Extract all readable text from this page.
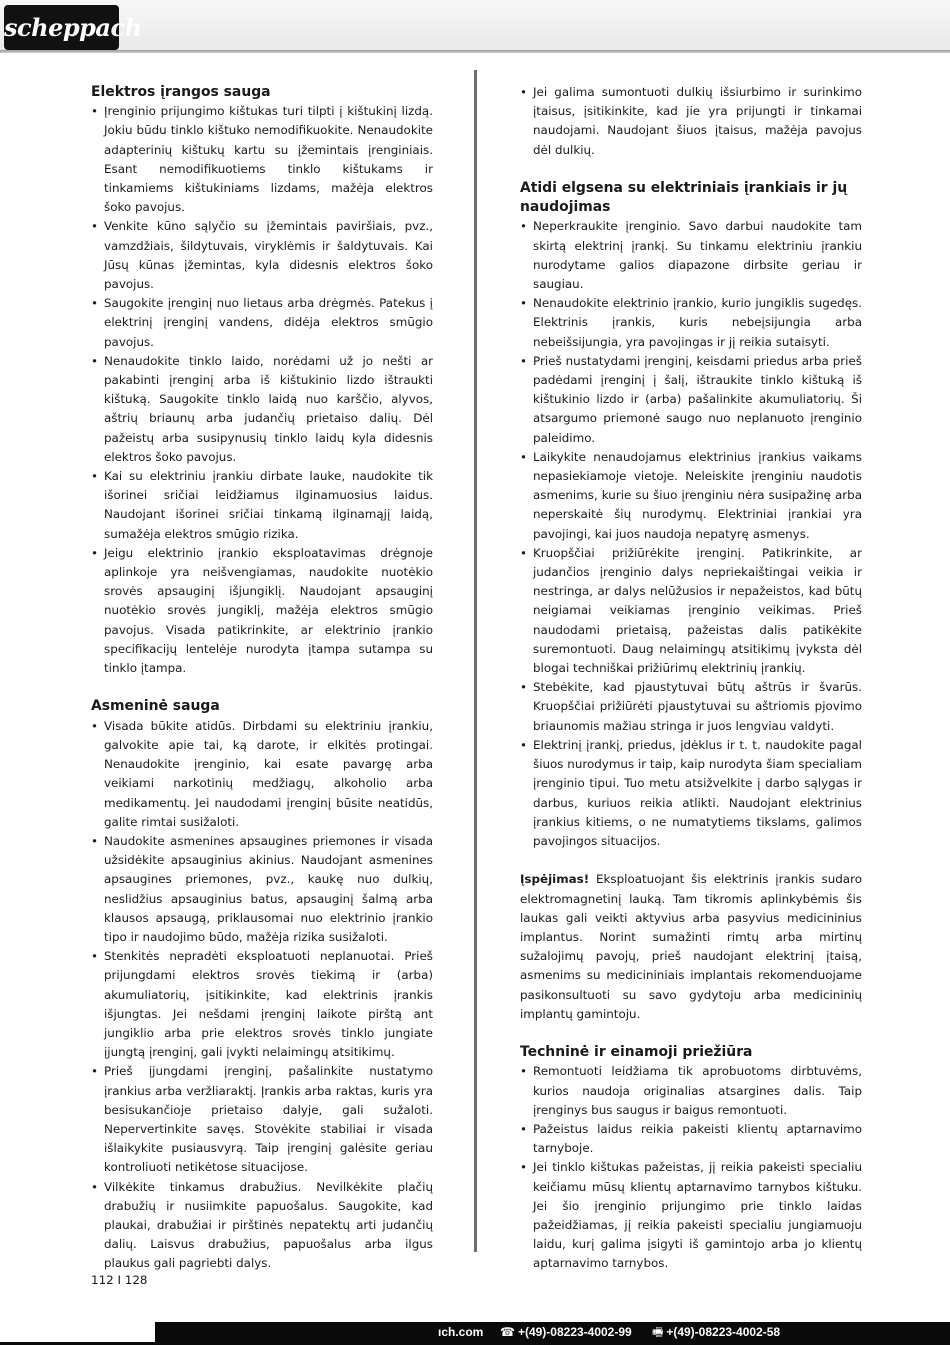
scheppach
Elektros įrangos sauga
• Įrenginio prijungimo kištukas turi tilpti į kištukinį lizdą. Jokiu būdu tinklo kištuko nemodifikuokite. Nenaudokite adapterinių kištukų kartu su įžemintais įrenginiais. Esant nemodifikuotiems tinklo kištukams ir tinkamiems kištukiniams lizdams, mažėja elektros šoko pavojus.
• Venkite kūno sąlyčio su įžemintais paviršiais, pvz., vamzdžiais, šildytuvais, viryklėmis ir šaldytuvais. Kai Jūsų kūnas įžemintas, kyla didesnis elektros šoko pavojus.
• Saugokite įrenginį nuo lietaus arba drėgmės. Patekus į elektrinį įrenginį vandens, didėja elektros smūgio pavojus.
• Nenaudokite tinklo laido, norėdami už jo nešti ar pakabinti įrenginį arba iš kištukinio lizdo ištraukti kištuką. Saugokite tinklo laidą nuo karščio, alyvos, aštrių briaunų arba judančių prietaiso dalių. Dėl pažeistų arba susipynusių tinklo laidų kyla didesnis elektros šoko pavojus.
• Kai su elektriniu įrankiu dirbate lauke, naudokite tik išorinei sričiai leidžiamus ilginamuosius laidus. Naudojant išorinei sričiai tinkamą ilginamąjį laidą, sumažėja elektros smūgio rizika.
• Jeigu elektrinio įrankio eksploatavimas drėgnoje aplinkoje yra neišvengiamas, naudokite nuotėkio srovės apsauginį išjungiklį. Naudojant apsauginį nuotėkio srovės jungiklį, mažėja elektros smūgio pavojus. Visada patikrinkite, ar elektrinio įrankio specifikacijų lentelėje nurodyta įtampa sutampa su tinklo įtampa.
Asmeninė sauga
• Visada būkite atidūs. Dirbdami su elektriniu įrankiu, galvokite apie tai, ką darote, ir elkitės protingai. Nenaudokite įrenginio, kai esate pavargę arba veikiami narkotinių medžiagų, alkoholio arba medikamentų. Jei naudodami įrenginį būsite neatidūs, galite rimtai susižaloti.
• Naudokite asmenines apsaugines priemones ir visada užsidėkite apsauginius akinius. Naudojant asmenines apsaugines priemones, pvz., kaukę nuo dulkių, neslidžius apsauginius batus, apsauginį šalmą arba klausos apsaugą, priklausomai nuo elektrinio įrankio tipo ir naudojimo būdo, mažėja rizika susižaloti.
• Stenkitės nepradėti eksploatuoti neplanuotai. Prieš prijungdami elektros srovės tiekimą ir (arba) akumuliatorių, įsitikinkite, kad elektrinis įrankis išjungtas. Jei nešdami įrenginį laikote pirštą ant jungiklio arba prie elektros srovės tinklo jungiate įjungtą įrenginį, gali įvykti nelaimingų atsitikimų.
• Prieš įjungdami įrenginį, pašalinkite nustatymo įrankius arba veržliaraktį. Įrankis arba raktas, kuris yra besisukančioje prietaiso dalyje, gali sužaloti. Nepervertinkite savęs. Stovėkite stabiliai ir visada išlaikykite pusiausvyrą. Taip įrenginį galėsite geriau kontroliuoti netikėtose situacijose.
• Vilkėkite tinkamus drabužius. Nevilkėkite plačių drabužių ir nusiimkite papuošalus. Saugokite, kad plaukai, drabužiai ir pirštinės nepatektų arti judančių dalių. Laisvus drabužius, papuošalus arba ilgus plaukus gali pagriebti dalys.
• Jei galima sumontuoti dulkių išsiurbimo ir surinkimo įtaisus, įsitikinkite, kad jie yra prijungti ir tinkamai naudojami. Naudojant šiuos įtaisus, mažėja pavojus dėl dulkių.
Atidi elgsena su elektriniais įrankiais ir jų naudojimas
• Neperkraukite įrenginio. Savo darbui naudokite tam skirtą elektrinį įrankį. Su tinkamu elektriniu įrankiu nurodytame galios diapazone dirbsite geriau ir saugiau.
• Nenaudokite elektrinio įrankio, kurio jungiklis sugedęs. Elektrinis įrankis, kuris nebeįsijungia arba nebeišsijungia, yra pavojingas ir jį reikia sutaisyti.
• Prieš nustatydami įrenginį, keisdami priedus arba prieš padėdami įrenginį į šalį, ištraukite tinklo kištuką iš kištukinio lizdo ir (arba) pašalinkite akumuliatorių. Ši atsargumo priemonė saugo nuo neplanuoto įrenginio paleidimo.
• Laikykite nenaudojamus elektrinius įrankius vaikams nepasiekiamoje vietoje. Neleiskite įrenginiu naudotis asmenims, kurie su šiuo įrenginiu nėra susipažinę arba neperskaitė šių nurodymų. Elektriniai įrankiai yra pavojingi, kai juos naudoja nepatyrę asmenys.
• Kruopščiai prižiūrėkite įrenginį. Patikrinkite, ar judančios įrenginio dalys nepriekaištingai veikia ir nestringa, ar dalys nelūžusios ir nepažeistos, kad būtų neigiamai veikiamas įrenginio veikimas. Prieš naudodami prietaisą, pažeistas dalis patikėkite suremontuoti. Daug nelaimingų atsitikimų įvyksta dėl blogai techniškai prižiūrimų elektrinių įrankių.
• Stebėkite, kad pjaustytuvai būtų aštrūs ir švarūs. Kruopščiai prižiūrėti pjaustytuvai su aštriomis pjovimo briaunomis mažiau stringa ir juos lengviau valdyti.
• Elektrinį įrankį, priedus, įdėklus ir t. t. naudokite pagal šiuos nurodymus ir taip, kaip nurodyta šiam specialiam įrenginio tipui. Tuo metu atsižvelkite į darbo sąlygas ir darbus, kuriuos reikia atlikti. Naudojant elektrinius įrankius kitiems, o ne numatytiems tikslams, galimos pavojingos situacijos.

Įspėjimas! Eksploatuojant šis elektrinis įrankis sudaro elektromagnetinį lauką. Tam tikromis aplinkybėmis šis laukas gali veikti aktyvius arba pasyvius medicininius implantus. Norint sumažinti rimtų arba mirtinų sužalojimų pavojų, prieš naudojant elektrinį įtaisą, asmenims su medicininiais implantais rekomenduojame pasikonsultuoti su savo gydytoju arba medicininių implantų gamintoju.

Techninė ir einamoji priežiūra
• Remontuoti leidžiama tik aprobuotoms dirbtuvėms, kurios naudoja originalias atsargines dalis. Taip įrenginys bus saugus ir baigus remontuoti.
• Pažeistus laidus reikia pakeisti klientų aptarnavimo tarnyboje.
• Jei tinklo kištukas pažeistas, jį reikia pakeisti specialiu keičiamu mūsų klientų aptarnavimo tarnybos kištuku. Jei šio įrenginio prijungimo prie tinklo laidas pažeidžiamas, jį reikia pakeisti specialiu jungiamuoju laidu, kurį galima įsigyti iš gamintojo arba jo klientų aptarnavimo tarnybos.
112 I 128
ıch.com ☎ +(49)-08223-4002-99 🖷 +(49)-08223-4002-58
